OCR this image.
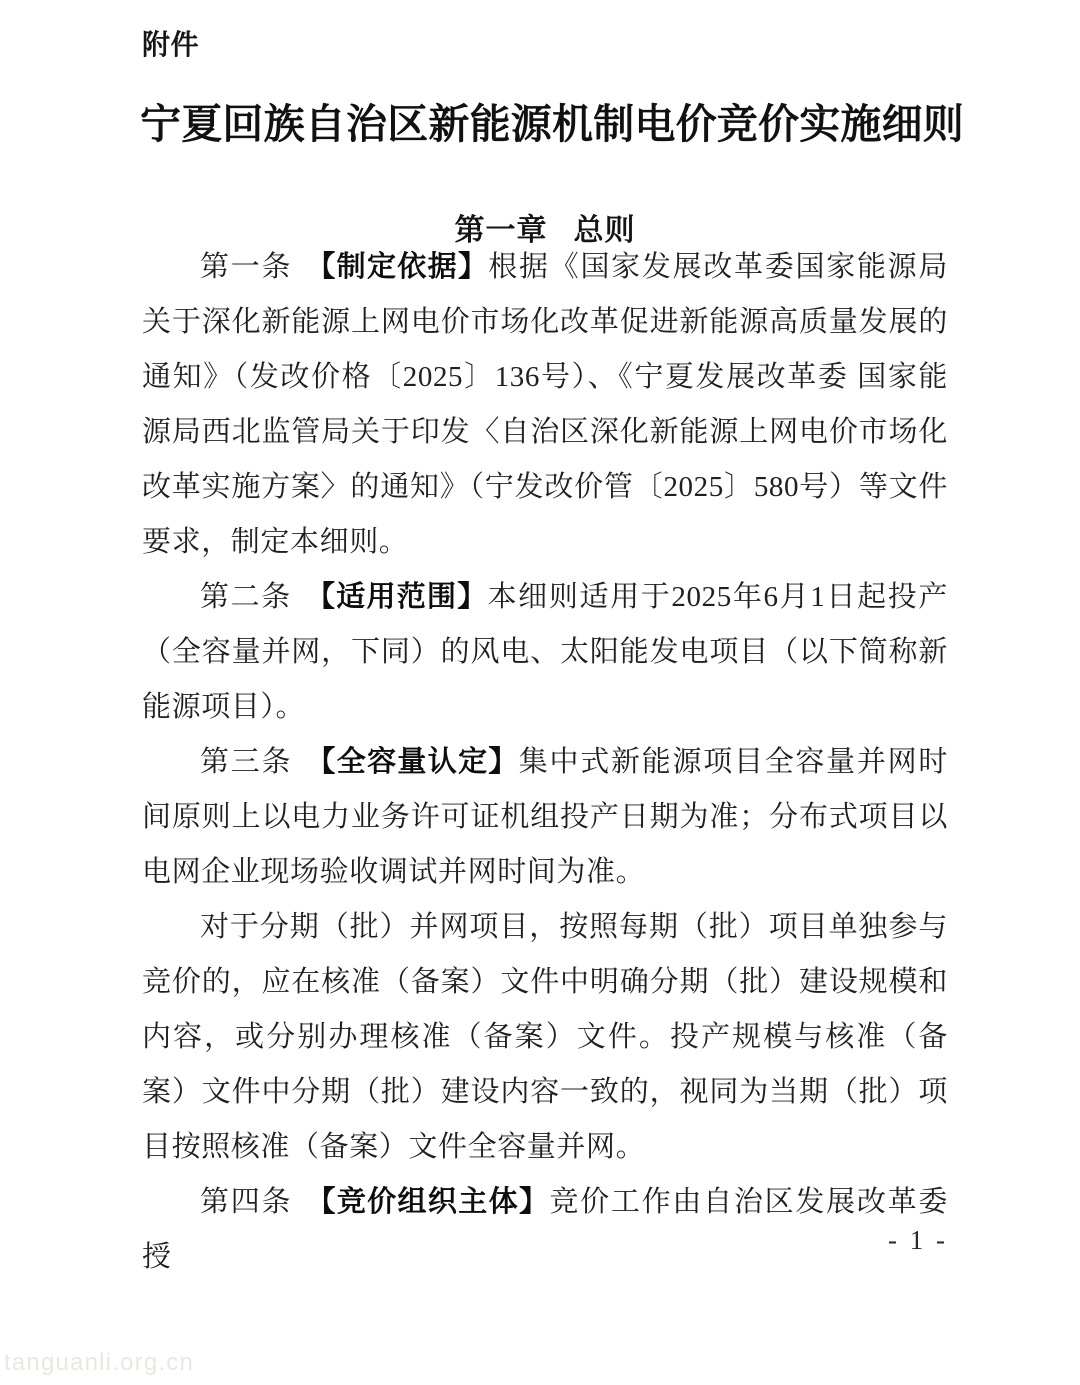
附件
宁夏回族自治区新能源机制电价竞价实施细则
第一章 总则

第一条 【制定依据】根据《国家发展改革委国家能源局关于深化新能源上网电价市场化改革促进新能源高质量发展的通知》（发改价格〔2025〕136号）、《宁夏发展改革委 国家能源局西北监管局关于印发〈自治区深化新能源上网电价市场化改革实施方案〉的通知》（宁发改价管〔2025〕580号）等文件要求，制定本细则。

第二条 【适用范围】本细则适用于2025年6月1日起投产（全容量并网，下同）的风电、太阳能发电项目（以下简称新能源项目）。

第三条 【全容量认定】集中式新能源项目全容量并网时间原则上以电力业务许可证机组投产日期为准；分布式项目以电网企业现场验收调试并网时间为准。

对于分期（批）并网项目，按照每期（批）项目单独参与竞价的，应在核准（备案）文件中明确分期（批）建设规模和内容，或分别办理核准（备案）文件。投产规模与核准（备案）文件中分期（批）建设内容一致的，视同为当期（批）项目按照核准（备案）文件全容量并网。

第四条 【竞价组织主体】竞价工作由自治区发展改革委授

- 1 -
tanguanli.org.cn
